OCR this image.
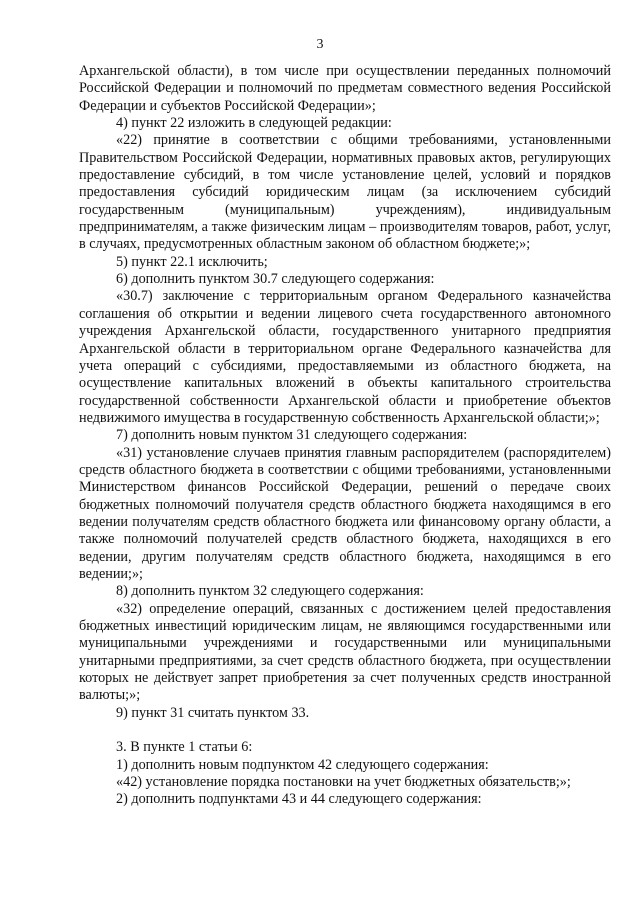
3

Архангельской области), в том числе при осуществлении переданных полномочий Российской Федерации и полномочий по предметам совместного ведения Российской Федерации и субъектов Российской Федерации»;

4) пункт 22 изложить в следующей редакции:

«22) принятие в соответствии с общими требованиями, установленными Правительством Российской Федерации, нормативных правовых актов, регулирующих предоставление субсидий, в том числе установление целей, условий и порядков предоставления субсидий юридическим лицам (за исключением субсидий государственным (муниципальным) учреждениям), индивидуальным предпринимателям, а также физическим лицам – производителям товаров, работ, услуг, в случаях, предусмотренных областным законом об областном бюджете;»;

5) пункт 22.1 исключить;

6) дополнить пунктом 30.7 следующего содержания:

«30.7) заключение с территориальным органом Федерального казначейства соглашения об открытии и ведении лицевого счета государственного автономного учреждения Архангельской области, государственного унитарного предприятия Архангельской области в территориальном органе Федерального казначейства для учета операций с субсидиями, предоставляемыми из областного бюджета, на осуществление капитальных вложений в объекты капитального строительства государственной собственности Архангельской области и приобретение объектов недвижимого имущества в государственную собственность Архангельской области;»;

7) дополнить новым пунктом 31 следующего содержания:

«31) установление случаев принятия главным распорядителем (распорядителем) средств областного бюджета в соответствии с общими требованиями, установленными Министерством финансов Российской Федерации, решений о передаче своих бюджетных полномочий получателя средств областного бюджета находящимся в его ведении получателям средств областного бюджета или финансовому органу области, а также полномочий получателей средств областного бюджета, находящихся в его ведении, другим получателям средств областного бюджета, находящимся в его ведении;»;

8) дополнить пунктом 32 следующего содержания:

«32) определение операций, связанных с достижением целей предоставления бюджетных инвестиций юридическим лицам, не являющимся государственными или муниципальными учреждениями и государственными или муниципальными унитарными предприятиями, за счет средств областного бюджета, при осуществлении которых не действует запрет приобретения за счет полученных средств иностранной валюты;»;

9) пункт 31 считать пунктом 33.

3. В пункте 1 статьи 6:

1) дополнить новым подпунктом 42 следующего содержания:

«42) установление порядка постановки на учет бюджетных обязательств;»;

2) дополнить подпунктами 43 и 44 следующего содержания:
